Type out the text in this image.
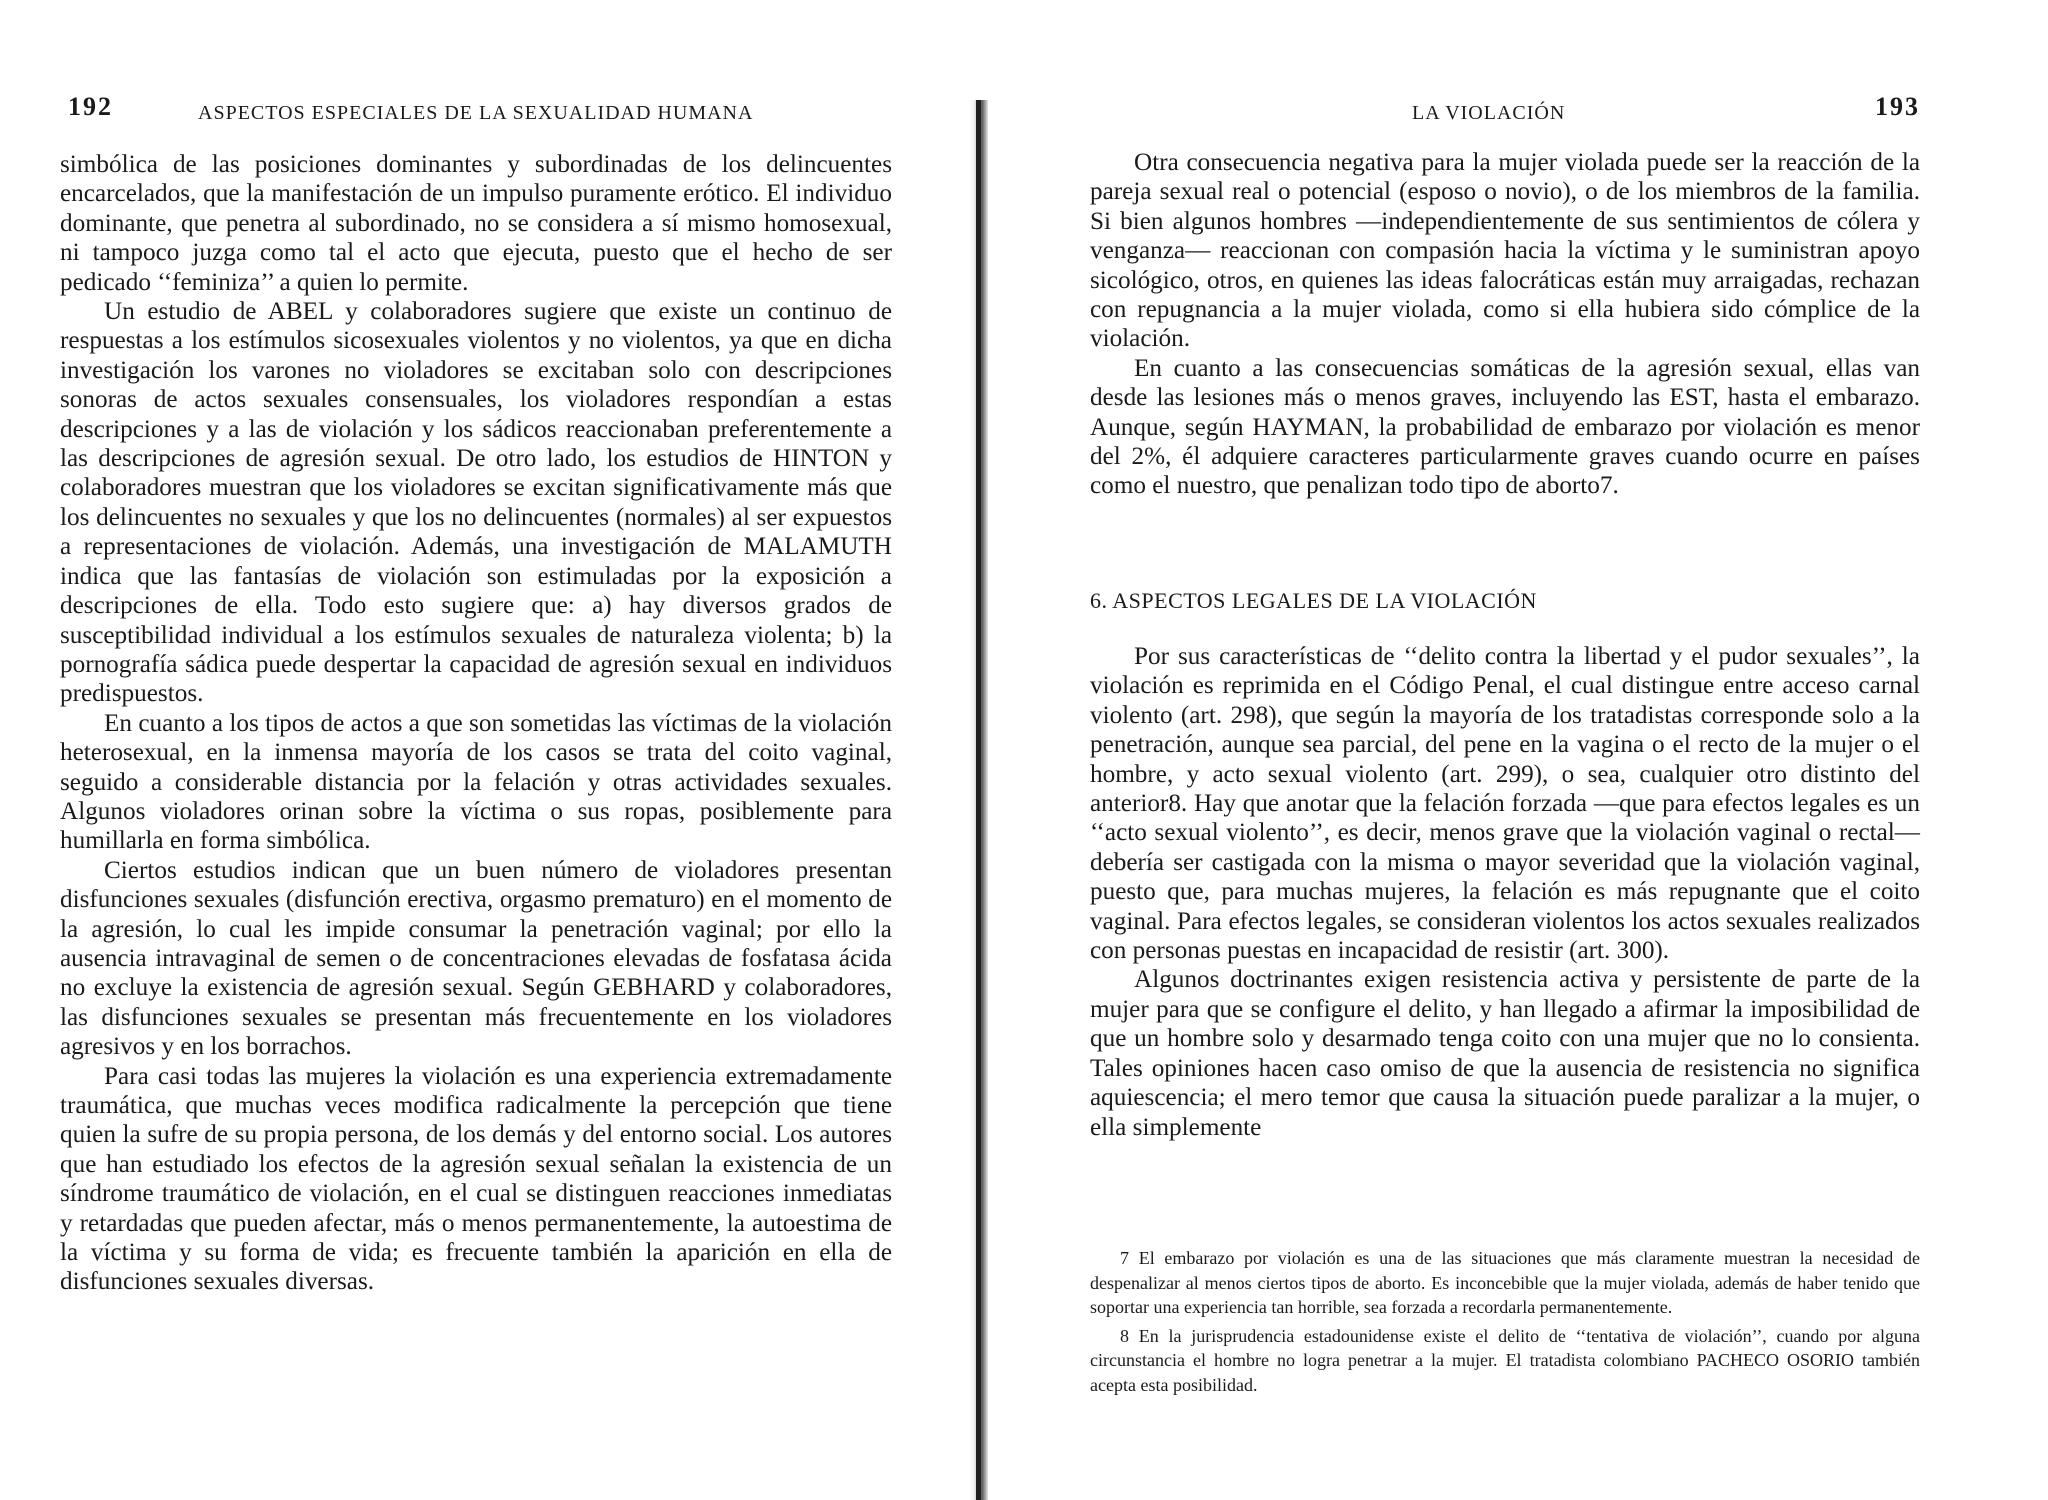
192	ASPECTOS ESPECIALES DE LA SEXUALIDAD HUMANA

simbólica de las posiciones dominantes y subordinadas de los delincuentes encarcelados, que la manifestación de un impulso puramente erótico. El individuo dominante, que penetra al subordinado, no se considera a sí mismo homosexual, ni tampoco juzga como tal el acto que ejecuta, puesto que el hecho de ser pedicado ‘‘feminiza’’ a quien lo permite.

Un estudio de ABEL y colaboradores sugiere que existe un continuo de respuestas a los estímulos sicosexuales violentos y no violentos, ya que en dicha investigación los varones no violadores se excitaban solo con descripciones sonoras de actos sexuales consensuales, los violadores respondían a estas descripciones y a las de violación y los sádicos reaccionaban preferentemente a las descripciones de agresión sexual. De otro lado, los estudios de HINTON y colaboradores muestran que los violadores se excitan significativamente más que los delincuentes no sexuales y que los no delincuentes (normales) al ser expuestos a representaciones de violación. Además, una investigación de MALAMUTH indica que las fantasías de violación son estimuladas por la exposición a descripciones de ella. Todo esto sugiere que: a) hay diversos grados de susceptibilidad individual a los estímulos sexuales de naturaleza violenta; b) la pornografía sádica puede despertar la capacidad de agresión sexual en individuos predispuestos.

En cuanto a los tipos de actos a que son sometidas las víctimas de la violación heterosexual, en la inmensa mayoría de los casos se trata del coito vaginal, seguido a considerable distancia por la felación y otras actividades sexuales. Algunos violadores orinan sobre la víctima o sus ropas, posiblemente para humillarla en forma simbólica.

Ciertos estudios indican que un buen número de violadores presentan disfunciones sexuales (disfunción erectiva, orgasmo prematuro) en el momento de la agresión, lo cual les impide consumar la penetración vaginal; por ello la ausencia intravaginal de semen o de concentraciones elevadas de fosfatasa ácida no excluye la existencia de agresión sexual. Según GEBHARD y colaboradores, las disfunciones sexuales se presentan más frecuentemente en los violadores agresivos y en los borrachos.

Para casi todas las mujeres la violación es una experiencia extremadamente traumática, que muchas veces modifica radicalmente la percepción que tiene quien la sufre de su propia persona, de los demás y del entorno social. Los autores que han estudiado los efectos de la agresión sexual señalan la existencia de un síndrome traumático de violación, en el cual se distinguen reacciones inmediatas y retardadas que pueden afectar, más o menos permanentemente, la autoestima de la víctima y su forma de vida; es frecuente también la aparición en ella de disfunciones sexuales diversas.

LA VIOLACIÓN	193

Otra consecuencia negativa para la mujer violada puede ser la reacción de la pareja sexual real o potencial (esposo o novio), o de los miembros de la familia. Si bien algunos hombres —independientemente de sus sentimientos de cólera y venganza— reaccionan con compasión hacia la víctima y le suministran apoyo sicológico, otros, en quienes las ideas falocráticas están muy arraigadas, rechazan con repugnancia a la mujer violada, como si ella hubiera sido cómplice de la violación.

En cuanto a las consecuencias somáticas de la agresión sexual, ellas van desde las lesiones más o menos graves, incluyendo las EST, hasta el embarazo. Aunque, según HAYMAN, la probabilidad de embarazo por violación es menor del 2%, él adquiere caracteres particularmente graves cuando ocurre en países como el nuestro, que penalizan todo tipo de aborto7.

6. ASPECTOS LEGALES DE LA VIOLACIÓN

Por sus características de ‘‘delito contra la libertad y el pudor sexuales’’, la violación es reprimida en el Código Penal, el cual distingue entre acceso carnal violento (art. 298), que según la mayoría de los tratadistas corresponde solo a la penetración, aunque sea parcial, del pene en la vagina o el recto de la mujer o el hombre, y acto sexual violento (art. 299), o sea, cualquier otro distinto del anterior8. Hay que anotar que la felación forzada —que para efectos legales es un ‘‘acto sexual violento’’, es decir, menos grave que la violación vaginal o rectal— debería ser castigada con la misma o mayor severidad que la violación vaginal, puesto que, para muchas mujeres, la felación es más repugnante que el coito vaginal. Para efectos legales, se consideran violentos los actos sexuales realizados con personas puestas en incapacidad de resistir (art. 300).

Algunos doctrinantes exigen resistencia activa y persistente de parte de la mujer para que se configure el delito, y han llegado a afirmar la imposibilidad de que un hombre solo y desarmado tenga coito con una mujer que no lo consienta. Tales opiniones hacen caso omiso de que la ausencia de resistencia no significa aquiescencia; el mero temor que causa la situación puede paralizar a la mujer, o ella simplemente

7 El embarazo por violación es una de las situaciones que más claramente muestran la necesidad de despenalizar al menos ciertos tipos de aborto. Es inconcebible que la mujer violada, además de haber tenido que soportar una experiencia tan horrible, sea forzada a recordarla permanentemente.

8 En la jurisprudencia estadounidense existe el delito de ‘‘tentativa de violación’’, cuando por alguna circunstancia el hombre no logra penetrar a la mujer. El tratadista colombiano PACHECO OSORIO también acepta esta posibilidad.
